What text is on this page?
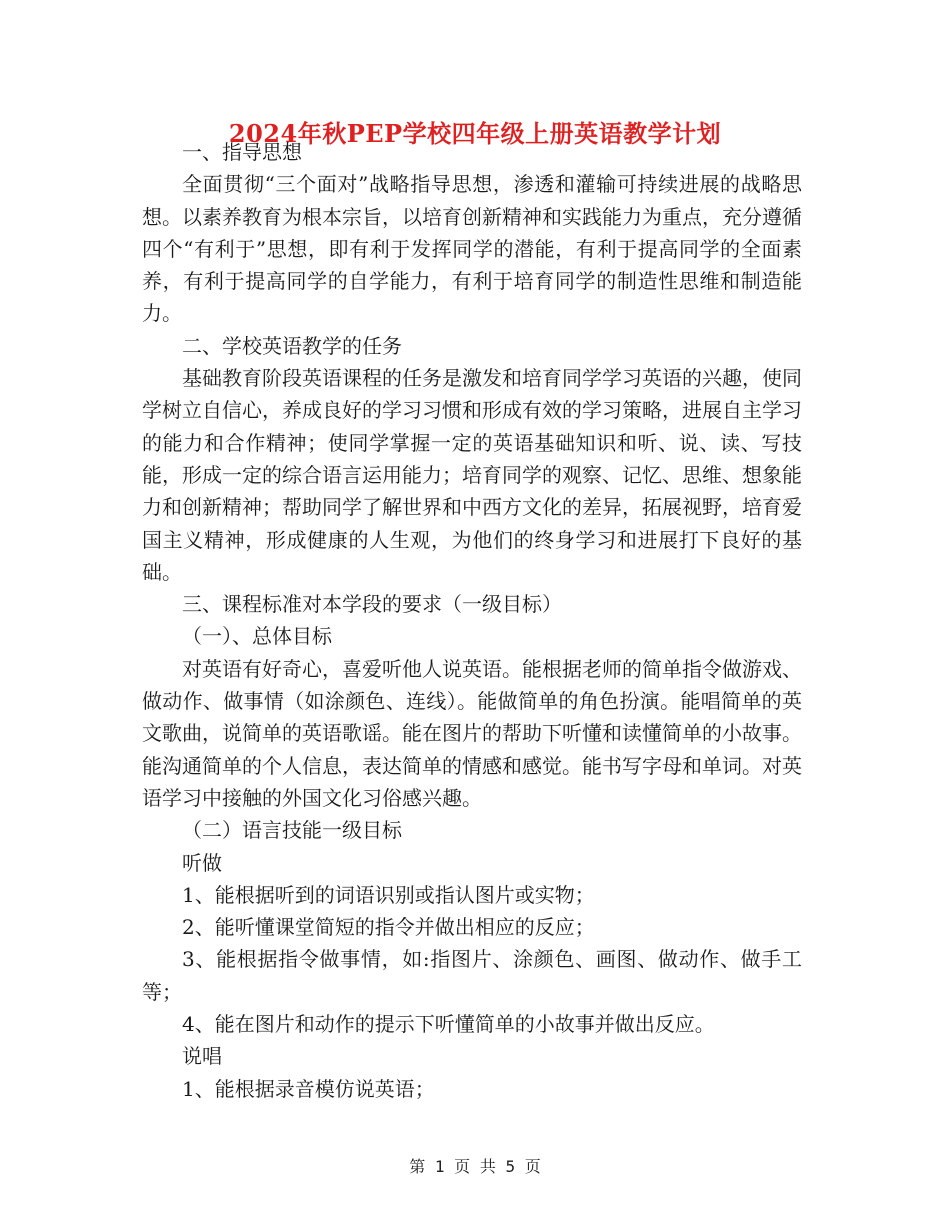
2024年秋PEP学校四年级上册英语教学计划

一、指导思想

全面贯彻“三个面对”战略指导思想，渗透和灌输可持续进展的战略思想。以素养教育为根本宗旨，以培育创新精神和实践能力为重点，充分遵循四个“有利于”思想，即有利于发挥同学的潜能，有利于提高同学的全面素养，有利于提高同学的自学能力，有利于培育同学的制造性思维和制造能力。

二、学校英语教学的任务

基础教育阶段英语课程的任务是激发和培育同学学习英语的兴趣，使同学树立自信心，养成良好的学习习惯和形成有效的学习策略，进展自主学习的能力和合作精神；使同学掌握一定的英语基础知识和听、说、读、写技能，形成一定的综合语言运用能力；培育同学的观察、记忆、思维、想象能力和创新精神；帮助同学了解世界和中西方文化的差异，拓展视野，培育爱国主义精神，形成健康的人生观，为他们的终身学习和进展打下良好的基础。

三、课程标准对本学段的要求（一级目标）

（一）、总体目标

对英语有好奇心，喜爱听他人说英语。能根据老师的简单指令做游戏、做动作、做事情（如涂颜色、连线）。能做简单的角色扮演。能唱简单的英文歌曲，说简单的英语歌谣。能在图片的帮助下听懂和读懂简单的小故事。能沟通简单的个人信息，表达简单的情感和感觉。能书写字母和单词。对英语学习中接触的外国文化习俗感兴趣。

（二）语言技能一级目标

听做

1、能根据听到的词语识别或指认图片或实物；

2、能听懂课堂简短的指令并做出相应的反应；

3、能根据指令做事情，如:指图片、涂颜色、画图、做动作、做手工等；

4、能在图片和动作的提示下听懂简单的小故事并做出反应。

说唱

1、能根据录音模仿说英语；

第 1 页 共 5 页
